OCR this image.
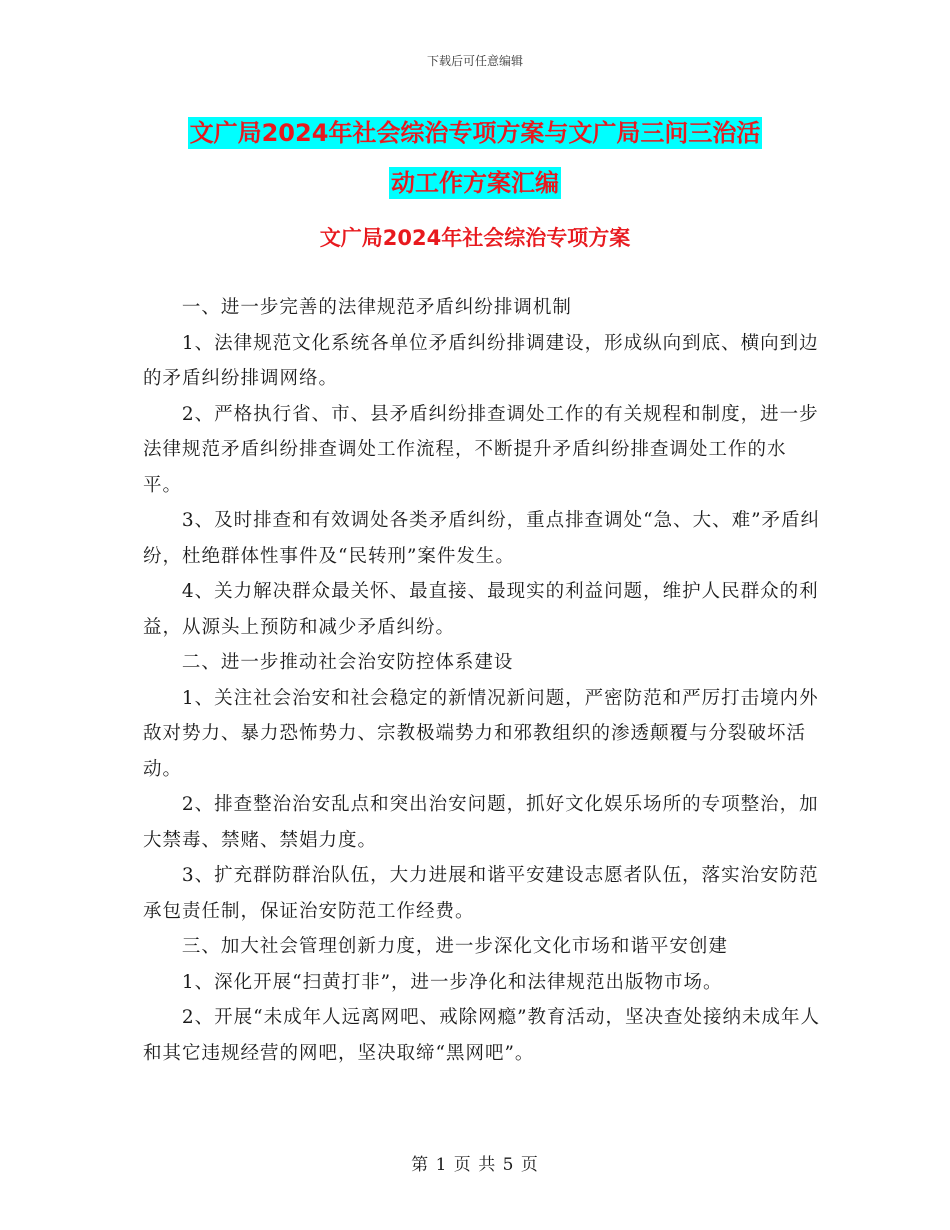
下载后可任意编辑
文广局2024年社会综治专项方案与文广局三问三治活
动工作方案汇编
文广局2024年社会综治专项方案

一、进一步完善的法律规范矛盾纠纷排调机制

1、法律规范文化系统各单位矛盾纠纷排调建设，形成纵向到底、横向到边的矛盾纠纷排调网络。

2、严格执行省、市、县矛盾纠纷排查调处工作的有关规程和制度，进一步法律规范矛盾纠纷排查调处工作流程，不断提升矛盾纠纷排查调处工作的水平。

3、及时排查和有效调处各类矛盾纠纷，重点排查调处“急、大、难”矛盾纠纷，杜绝群体性事件及“民转刑”案件发生。

4、关力解决群众最关怀、最直接、最现实的利益问题，维护人民群众的利益，从源头上预防和减少矛盾纠纷。

二、进一步推动社会治安防控体系建设

1、关注社会治安和社会稳定的新情况新问题，严密防范和严厉打击境内外敌对势力、暴力恐怖势力、宗教极端势力和邪教组织的渗透颠覆与分裂破坏活动。

2、排查整治治安乱点和突出治安问题，抓好文化娱乐场所的专项整治，加大禁毒、禁赌、禁娼力度。

3、扩充群防群治队伍，大力进展和谐平安建设志愿者队伍，落实治安防范承包责任制，保证治安防范工作经费。

三、加大社会管理创新力度，进一步深化文化市场和谐平安创建

1、深化开展“扫黄打非”，进一步净化和法律规范出版物市场。

2、开展“未成年人远离网吧、戒除网瘾”教育活动，坚决查处接纳未成年人和其它违规经营的网吧，坚决取缔“黑网吧”。

第 1 页 共 5 页
